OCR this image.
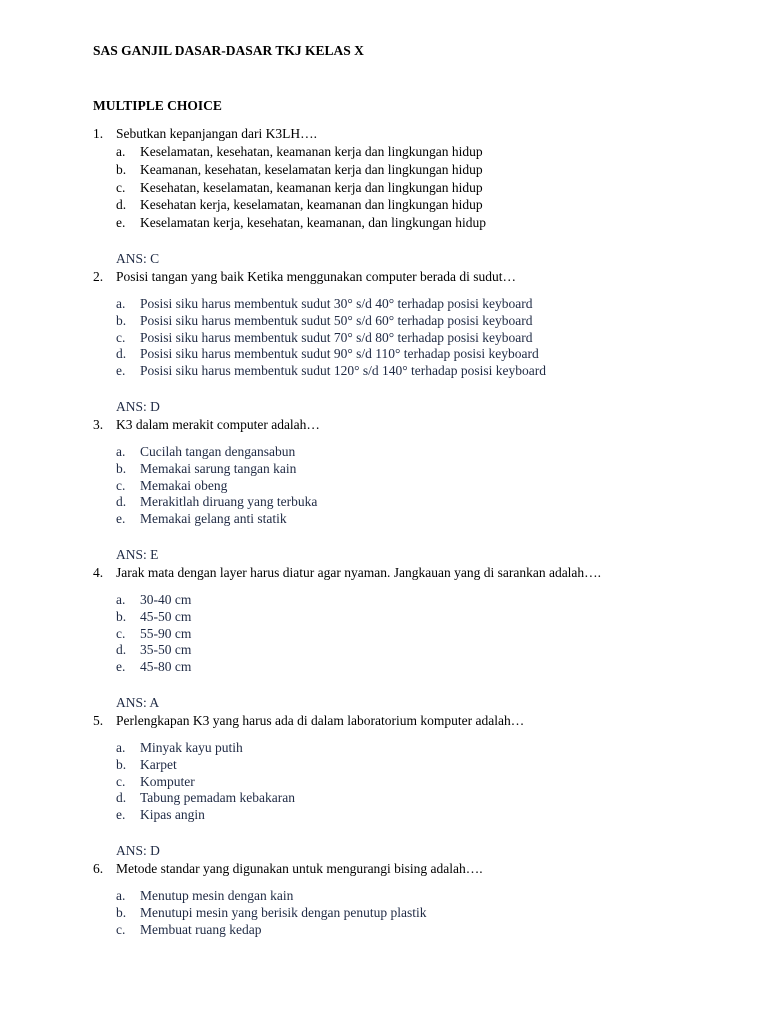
SAS GANJIL DASAR-DASAR TKJ KELAS X
MULTIPLE CHOICE
1. Sebutkan kepanjangan dari K3LH….
a. Keselamatan, kesehatan, keamanan kerja dan lingkungan hidup
b. Keamanan, kesehatan, keselamatan kerja dan lingkungan hidup
c. Kesehatan, keselamatan, keamanan kerja dan lingkungan hidup
d. Kesehatan kerja, keselamatan, keamanan dan lingkungan hidup
e. Keselamatan kerja, kesehatan, keamanan, dan lingkungan hidup
ANS: C
2. Posisi tangan yang baik Ketika menggunakan computer berada di sudut…
a. Posisi siku harus membentuk sudut 30° s/d 40° terhadap posisi keyboard
b. Posisi siku harus membentuk sudut 50° s/d 60° terhadap posisi keyboard
c. Posisi siku harus membentuk sudut 70° s/d 80° terhadap posisi keyboard
d. Posisi siku harus membentuk sudut 90° s/d 110° terhadap posisi keyboard
e. Posisi siku harus membentuk sudut 120° s/d 140° terhadap posisi keyboard
ANS: D
3. K3 dalam merakit computer adalah…
a. Cucilah tangan dengansabun
b. Memakai sarung tangan kain
c. Memakai obeng
d. Merakitlah diruang yang terbuka
e. Memakai gelang anti statik
ANS: E
4. Jarak mata dengan layer harus diatur agar nyaman. Jangkauan yang di sarankan adalah….
a. 30-40 cm
b. 45-50 cm
c. 55-90 cm
d. 35-50 cm
e. 45-80 cm
ANS: A
5. Perlengkapan K3 yang harus ada di dalam laboratorium komputer adalah…
a. Minyak kayu putih
b. Karpet
c. Komputer
d. Tabung pemadam kebakaran
e. Kipas angin
ANS: D
6. Metode standar yang digunakan untuk mengurangi bising adalah….
a. Menutup mesin dengan kain
b. Menutupi mesin yang berisik dengan penutup plastik
c. Membuat ruang kedap
